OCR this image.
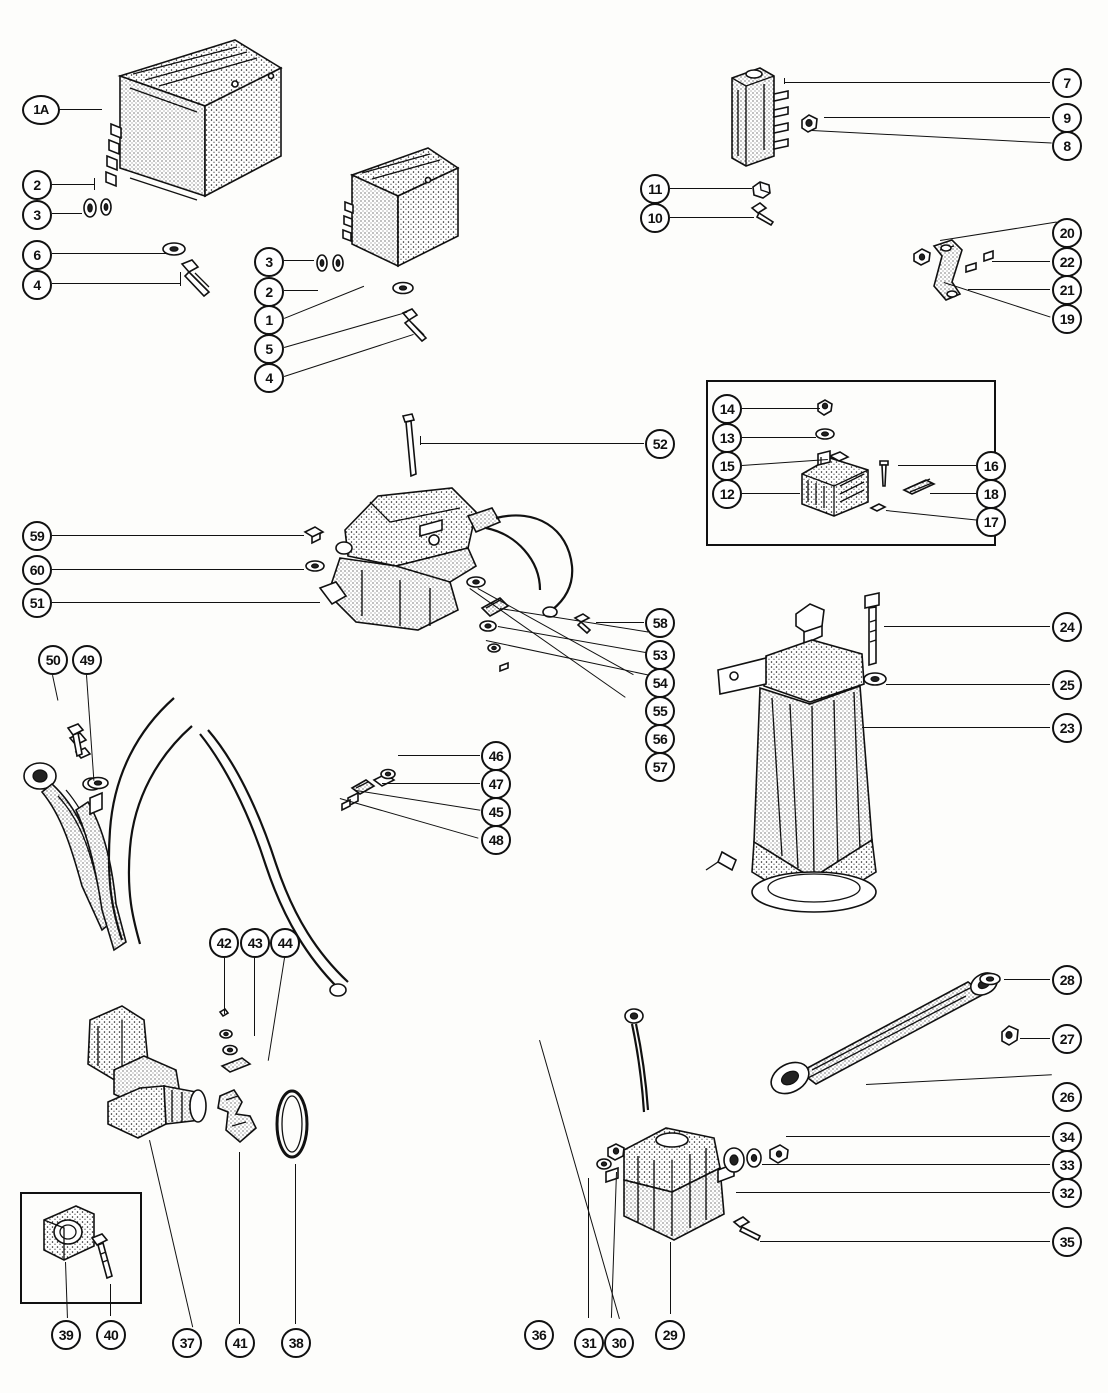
1A
2
3
6
4
3
2
1
5
4
7
9
8
11
10
20
22
21
19
14
13
15
12
16
18
17
52
59
60
51
58
53
54
55
56
57
24
25
23
50	49
46
47
45
48
42	43	44
28
27
26
34
33
32
35
39	40	37	41	38	36	31	30	29
